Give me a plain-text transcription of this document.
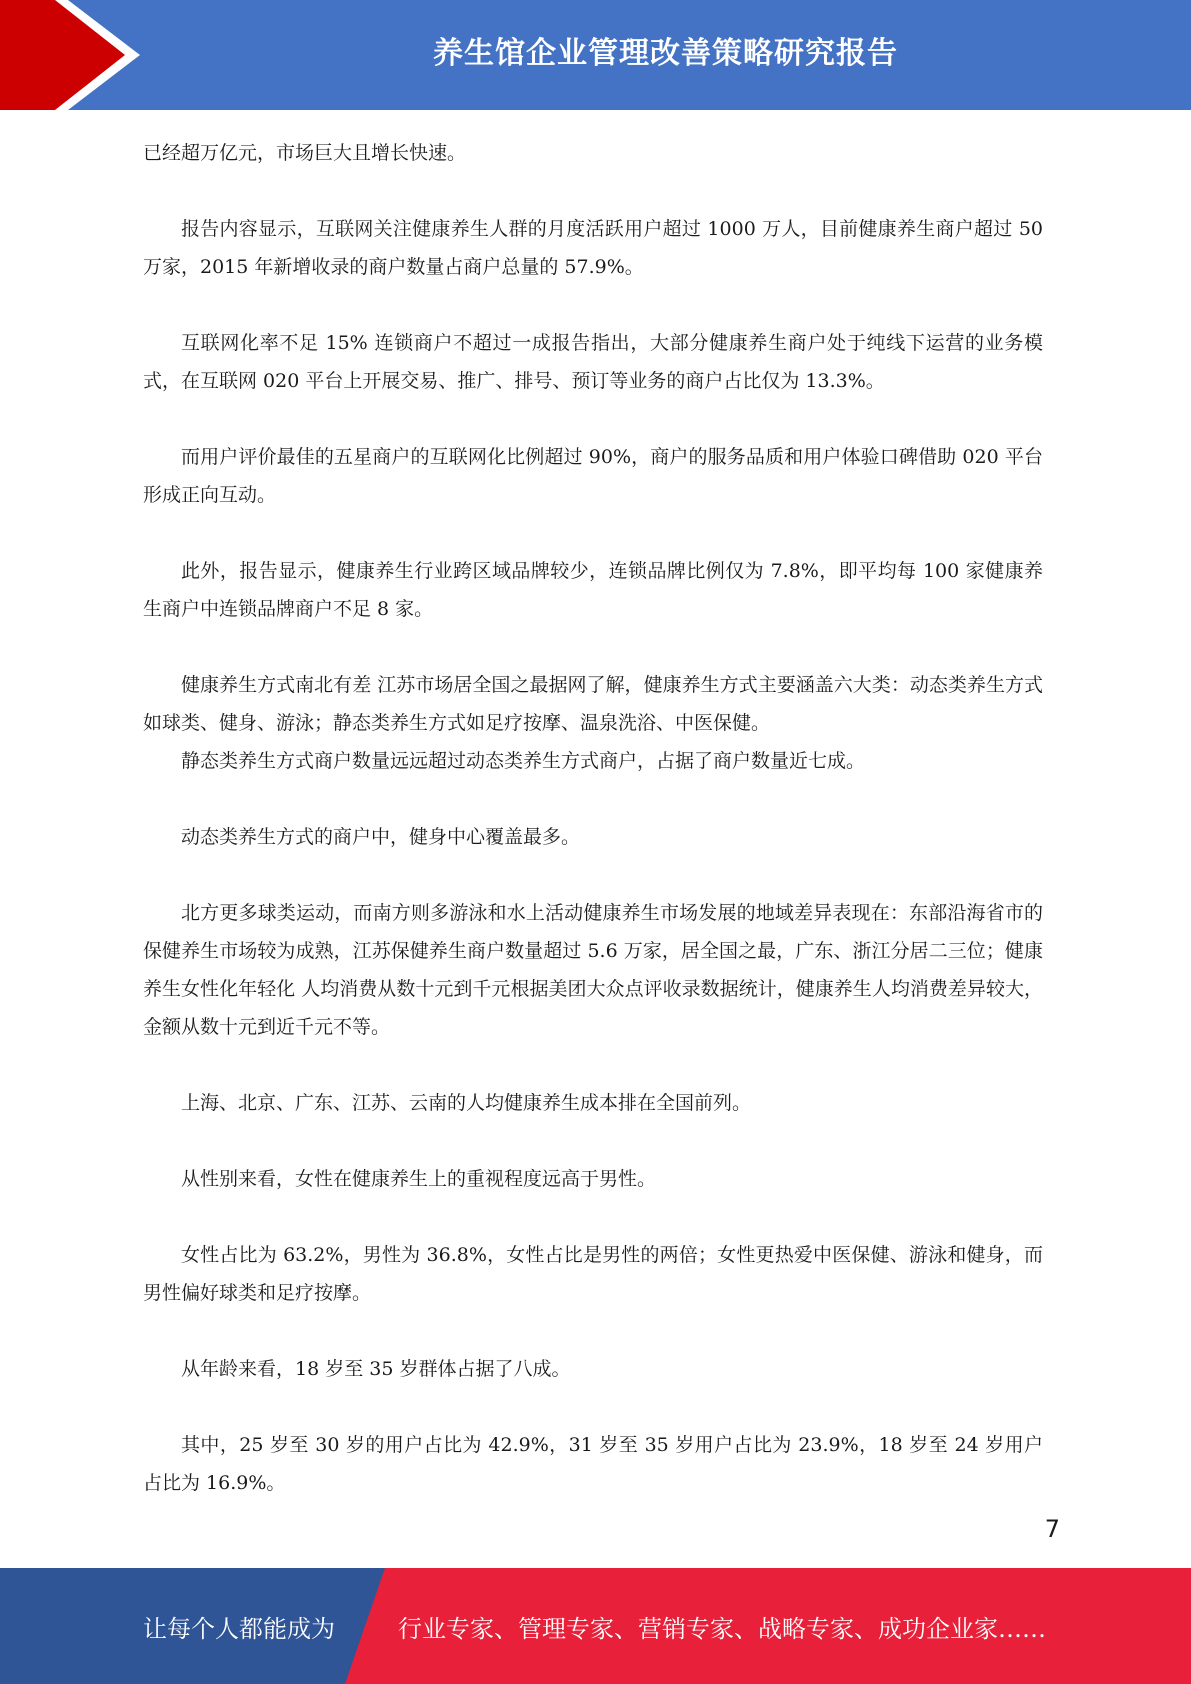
养生馆企业管理改善策略研究报告

已经超万亿元，市场巨大且增长快速。

报告内容显示，互联网关注健康养生人群的月度活跃用户超过 1000 万人，目前健康养生商户超过 50 万家，2015 年新增收录的商户数量占商户总量的 57.9%。

互联网化率不足 15% 连锁商户不超过一成报告指出，大部分健康养生商户处于纯线下运营的业务模式，在互联网 020 平台上开展交易、推广、排号、预订等业务的商户占比仅为 13.3%。

而用户评价最佳的五星商户的互联网化比例超过 90%，商户的服务品质和用户体验口碑借助 020 平台形成正向互动。

此外，报告显示，健康养生行业跨区域品牌较少，连锁品牌比例仅为 7.8%，即平均每 100 家健康养生商户中连锁品牌商户不足 8 家。

健康养生方式南北有差 江苏市场居全国之最据网了解，健康养生方式主要涵盖六大类：动态类养生方式如球类、健身、游泳；静态类养生方式如足疗按摩、温泉洗浴、中医保健。

静态类养生方式商户数量远远超过动态类养生方式商户，占据了商户数量近七成。

动态类养生方式的商户中，健身中心覆盖最多。

北方更多球类运动，而南方则多游泳和水上活动健康养生市场发展的地域差异表现在：东部沿海省市的保健养生市场较为成熟，江苏保健养生商户数量超过 5.6 万家，居全国之最，广东、浙江分居二三位；健康养生女性化年轻化 人均消费从数十元到千元根据美团大众点评收录数据统计，健康养生人均消费差异较大，金额从数十元到近千元不等。

上海、北京、广东、江苏、云南的人均健康养生成本排在全国前列。

从性别来看，女性在健康养生上的重视程度远高于男性。

女性占比为 63.2%，男性为 36.8%，女性占比是男性的两倍；女性更热爱中医保健、游泳和健身，而男性偏好球类和足疗按摩。

从年龄来看，18 岁至 35 岁群体占据了八成。

其中，25 岁至 30 岁的用户占比为 42.9%，31 岁至 35 岁用户占比为 23.9%，18 岁至 24 岁用户占比为 16.9%。

7
让每个人都能成为	行业专家、管理专家、营销专家、战略专家、成功企业家……
